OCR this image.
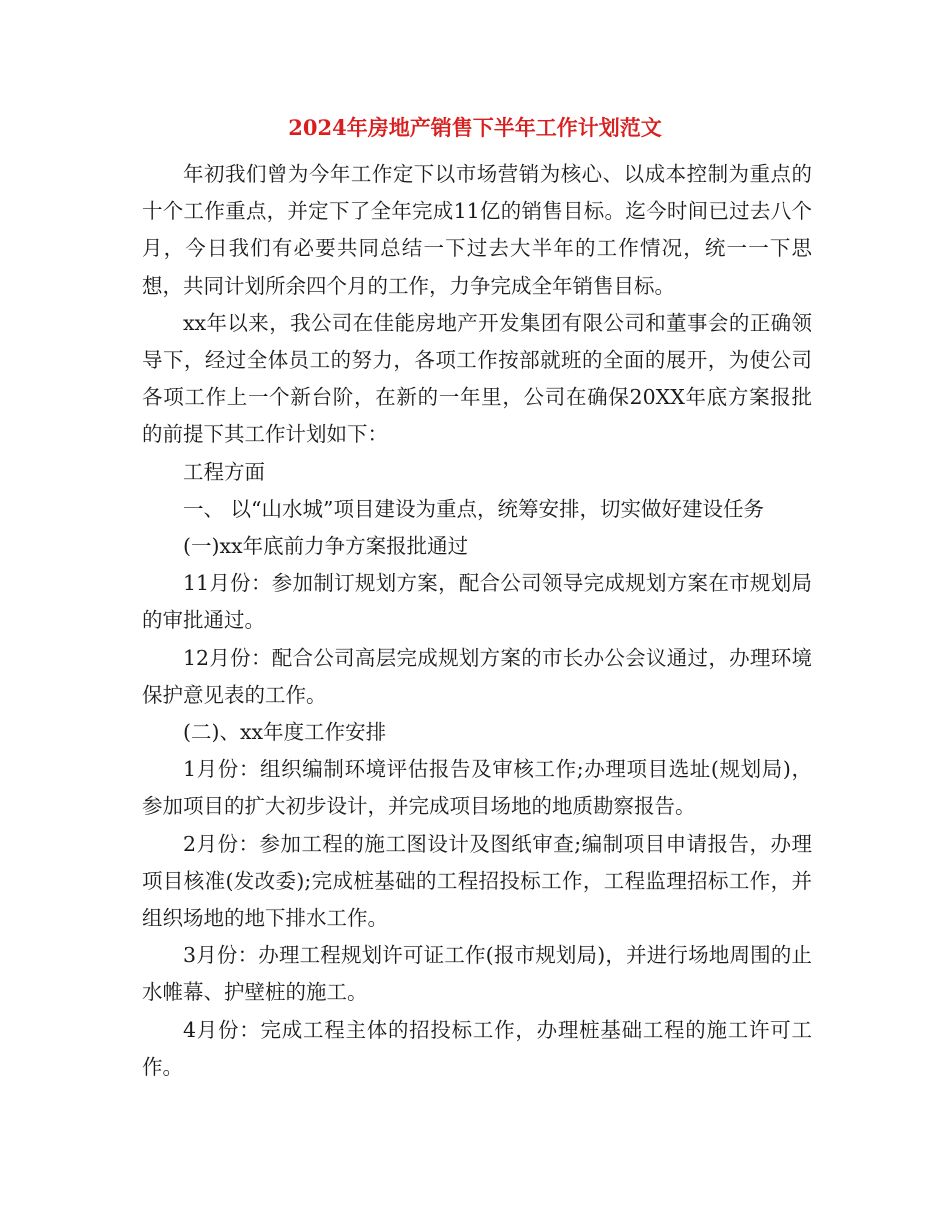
2024年房地产销售下半年工作计划范文

年初我们曾为今年工作定下以市场营销为核心、以成本控制为重点的十个工作重点，并定下了全年完成11亿的销售目标。迄今时间已过去八个月，今日我们有必要共同总结一下过去大半年的工作情况，统一一下思想，共同计划所余四个月的工作，力争完成全年销售目标。

xx年以来，我公司在佳能房地产开发集团有限公司和董事会的正确领导下，经过全体员工的努力，各项工作按部就班的全面的展开，为使公司各项工作上一个新台阶，在新的一年里，公司在确保20XX年底方案报批的前提下其工作计划如下：

工程方面

一、 以“山水城”项目建设为重点，统筹安排，切实做好建设任务

(一)xx年底前力争方案报批通过

11月份：参加制订规划方案，配合公司领导完成规划方案在市规划局的审批通过。

12月份：配合公司高层完成规划方案的市长办公会议通过，办理环境保护意见表的工作。

(二)、xx年度工作安排

1月份：组织编制环境评估报告及审核工作;办理项目选址(规划局)，参加项目的扩大初步设计，并完成项目场地的地质勘察报告。

2月份：参加工程的施工图设计及图纸审查;编制项目申请报告，办理项目核准(发改委);完成桩基础的工程招投标工作，工程监理招标工作，并组织场地的地下排水工作。

3月份：办理工程规划许可证工作(报市规划局)，并进行场地周围的止水帷幕、护壁桩的施工。

4月份：完成工程主体的招投标工作，办理桩基础工程的施工许可工作。
